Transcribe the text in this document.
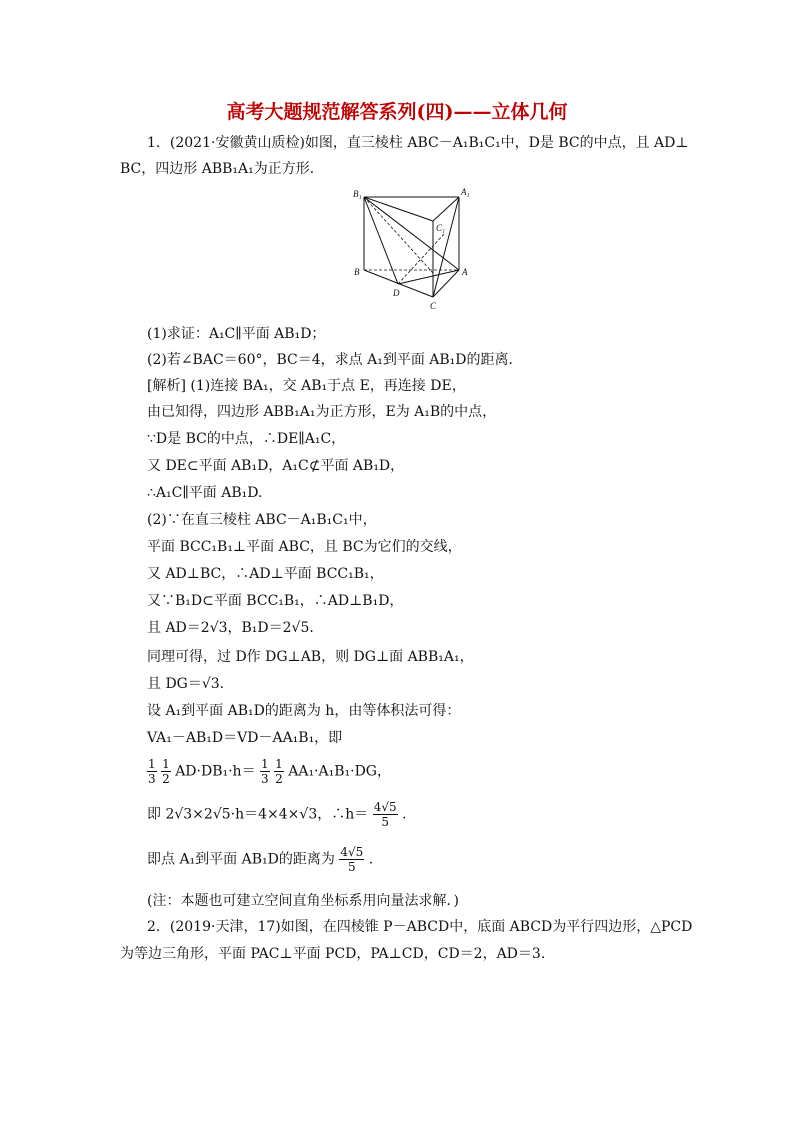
高考大题规范解答系列(四)——立体几何
1．(2021·安徽黄山质检)如图，直三棱柱 ABC－A₁B₁C₁中，D是 BC的中点，且 AD⊥
BC，四边形 ABB₁A₁为正方形．
B₁	A₁
C₁
B	A
D
C
(1)求证：A₁C∥平面 AB₁D；
(2)若∠BAC＝60°，BC＝4，求点 A₁到平面 AB₁D的距离．
[解析] (1)连接 BA₁，交 AB₁于点 E，再连接 DE，
由已知得，四边形 ABB₁A₁为正方形，E为 A₁B的中点，
∵D是 BC的中点，∴DE∥A₁C，
又 DE⊂平面 AB₁D，A₁C⊄平面 AB₁D，
∴A₁C∥平面 AB₁D.
(2)∵在直三棱柱 ABC－A₁B₁C₁中，
平面 BCC₁B₁⊥平面 ABC，且 BC为它们的交线，
又 AD⊥BC，∴AD⊥平面 BCC₁B₁，
又∵B₁D⊂平面 BCC₁B₁，∴AD⊥B₁D，
且 AD＝2√3，B₁D＝2√5.
同理可得，过 D作 DG⊥AB，则 DG⊥面 ABB₁A₁，
且 DG＝√3.
设 A₁到平面 AB₁D的距离为 h，由等体积法可得：
VA₁－AB₁D＝VD－AA₁B₁，即
$\frac{1}{3}$
$\frac{1}{2} AD\cdot DB_1\cdot h= \frac{1}{3}$
$\frac{1}{2} AA_1\cdot A_1B_1\cdot DG$，
即 2√3×2√5·h＝4×4×√3，∴h＝ $\frac{4√5}{5}$ .
即点 A₁到平面 AB₁D的距离为 $\frac{4√5}{5}$ .
(注：本题也可建立空间直角坐标系用向量法求解．)
2．(2019·天津，17)如图，在四棱锥 P－ABCD中，底面 ABCD为平行四边形，△PCD
为等边三角形，平面 PAC⊥平面 PCD，PA⊥CD，CD＝2，AD＝3.
